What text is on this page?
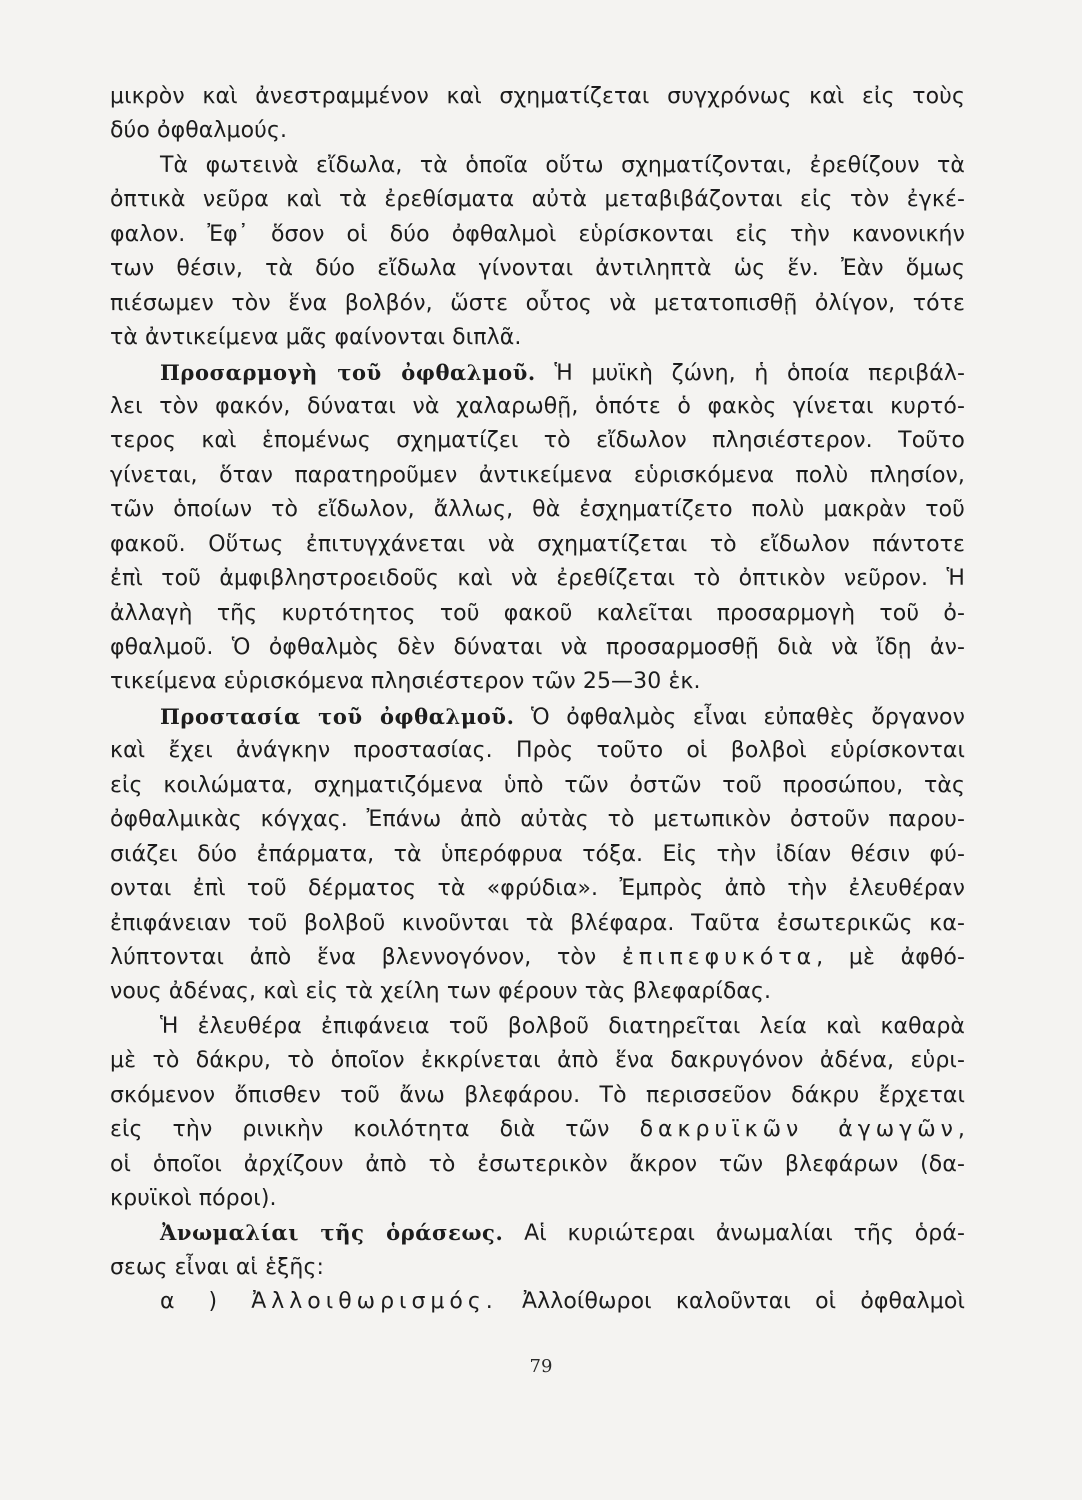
μικρὸν καὶ ἀνεστραμμένον καὶ σχηματίζεται συγχρόνως καὶ εἰς τοὺς
δύο ὀφθαλμούς.
Τὰ φωτεινὰ εἴδωλα, τὰ ὁποῖα οὕτω σχηματίζονται, ἐρεθίζουν τὰ
ὀπτικὰ νεῦρα καὶ τὰ ἐρεθίσματα αὐτὰ μεταβιβάζονται εἰς τὸν ἐγκέ-
φαλον. Ἐφ᾽ ὅσον οἱ δύο ὀφθαλμοὶ εὑρίσκονται εἰς τὴν κανονικήν
των θέσιν, τὰ δύο εἴδωλα γίνονται ἀντιληπτὰ ὡς ἕν. Ἐὰν ὅμως
πιέσωμεν τὸν ἕνα βολβόν, ὥστε οὗτος νὰ μετατοπισθῇ ὀλίγον, τότε
τὰ ἀντικείμενα μᾶς φαίνονται διπλᾶ.
Προσαρμογὴ τοῦ ὀφθαλμοῦ. Ἡ μυϊκὴ ζώνη, ἡ ὁποία περιβάλ-
λει τὸν φακόν, δύναται νὰ χαλαρωθῇ, ὁπότε ὁ φακὸς γίνεται κυρτό-
τερος καὶ ἑπομένως σχηματίζει τὸ εἴδωλον πλησιέστερον. Τοῦτο
γίνεται, ὅταν παρατηροῦμεν ἀντικείμενα εὑρισκόμενα πολὺ πλησίον,
τῶν ὁποίων τὸ εἴδωλον, ἄλλως, θὰ ἐσχηματίζετο πολὺ μακρὰν τοῦ
φακοῦ. Οὕτως ἐπιτυγχάνεται νὰ σχηματίζεται τὸ εἴδωλον πάντοτε
ἐπὶ τοῦ ἀμφιβληστροειδοῦς καὶ νὰ ἐρεθίζεται τὸ ὀπτικὸν νεῦρον. Ἡ
ἀλλαγὴ τῆς κυρτότητος τοῦ φακοῦ καλεῖται προσαρμογὴ τοῦ ὀ-
φθαλμοῦ. Ὁ ὀφθαλμὸς δὲν δύναται νὰ προσαρμοσθῇ διὰ νὰ ἴδῃ ἀν-
τικείμενα εὑρισκόμενα πλησιέστερον τῶν 25—30 ἑκ.
Προστασία τοῦ ὀφθαλμοῦ. Ὁ ὀφθαλμὸς εἶναι εὐπαθὲς ὄργανον
καὶ ἔχει ἀνάγκην προστασίας. Πρὸς τοῦτο οἱ βολβοὶ εὑρίσκονται
εἰς κοιλώματα, σχηματιζόμενα ὑπὸ τῶν ὀστῶν τοῦ προσώπου, τὰς
ὀφθαλμικὰς κόγχας. Ἐπάνω ἀπὸ αὐτὰς τὸ μετωπικὸν ὀστοῦν παρου-
σιάζει δύο ἐπάρματα, τὰ ὑπερόφρυα τόξα. Εἰς τὴν ἰδίαν θέσιν φύ-
ονται ἐπὶ τοῦ δέρματος τὰ «φρύδια». Ἐμπρὸς ἀπὸ τὴν ἐλευθέραν
ἐπιφάνειαν τοῦ βολβοῦ κινοῦνται τὰ βλέφαρα. Ταῦτα ἐσωτερικῶς κα-
λύπτονται ἀπὸ ἕνα βλεννογόνον, τὸν ἐπιπεφυκότα, μὲ ἀφθό-
νους ἀδένας, καὶ εἰς τὰ χείλη των φέρουν τὰς βλεφαρίδας.
Ἡ ἐλευθέρα ἐπιφάνεια τοῦ βολβοῦ διατηρεῖται λεία καὶ καθαρὰ
μὲ τὸ δάκρυ, τὸ ὁποῖον ἐκκρίνεται ἀπὸ ἕνα δακρυγόνον ἀδένα, εὑρι-
σκόμενον ὄπισθεν τοῦ ἄνω βλεφάρου. Τὸ περισσεῦον δάκρυ ἔρχεται
εἰς τὴν ρινικὴν κοιλότητα διὰ τῶν δακρυϊκῶν ἀγωγῶν,
οἱ ὁποῖοι ἀρχίζουν ἀπὸ τὸ ἐσωτερικὸν ἄκρον τῶν βλεφάρων (δα-
κρυϊκοὶ πόροι).
Ἀνωμαλίαι τῆς ὁράσεως. Αἱ κυριώτεραι ἀνωμαλίαι τῆς ὁρά-
σεως εἶναι αἱ ἑξῆς:
α ) Ἀλλοιθωρισμός. Ἀλλοίθωροι καλοῦνται οἱ ὀφθαλμοὶ
79
